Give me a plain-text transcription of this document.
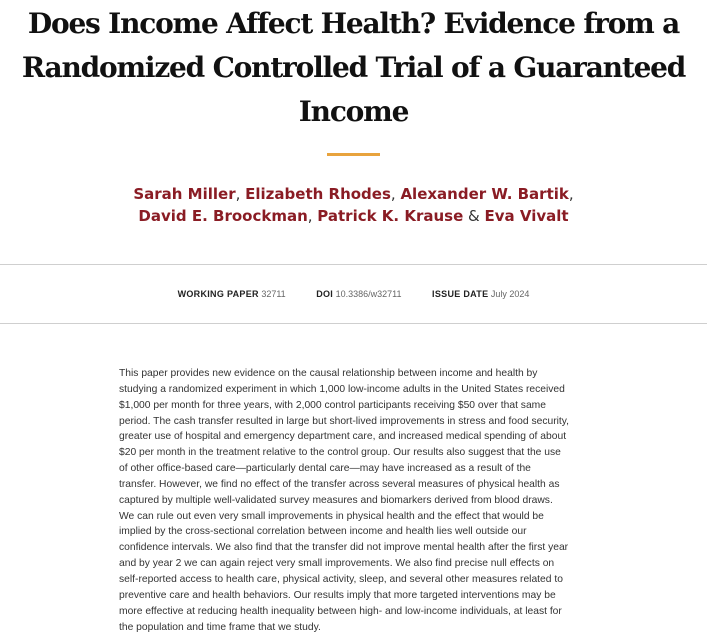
Does Income Affect Health? Evidence from a
Randomized Controlled Trial of a Guaranteed
Income
Sarah Miller, Elizabeth Rhodes, Alexander W. Bartik,
David E. Broockman, Patrick K. Krause & Eva Vivalt
WORKING PAPER 32711	DOI 10.3386/w32711	ISSUE DATE July 2024

This paper provides new evidence on the causal relationship between income and health by
studying a randomized experiment in which 1,000 low-income adults in the United States received
$1,000 per month for three years, with 2,000 control participants receiving $50 over that same
period. The cash transfer resulted in large but short-lived improvements in stress and food security,
greater use of hospital and emergency department care, and increased medical spending of about
$20 per month in the treatment relative to the control group. Our results also suggest that the use
of other office-based care—particularly dental care—may have increased as a result of the
transfer. However, we find no effect of the transfer across several measures of physical health as
captured by multiple well-validated survey measures and biomarkers derived from blood draws.
We can rule out even very small improvements in physical health and the effect that would be
implied by the cross-sectional correlation between income and health lies well outside our
confidence intervals. We also find that the transfer did not improve mental health after the first year
and by year 2 we can again reject very small improvements. We also find precise null effects on
self-reported access to health care, physical activity, sleep, and several other measures related to
preventive care and health behaviors. Our results imply that more targeted interventions may be
more effective at reducing health inequality between high- and low-income individuals, at least for
the population and time frame that we study.
